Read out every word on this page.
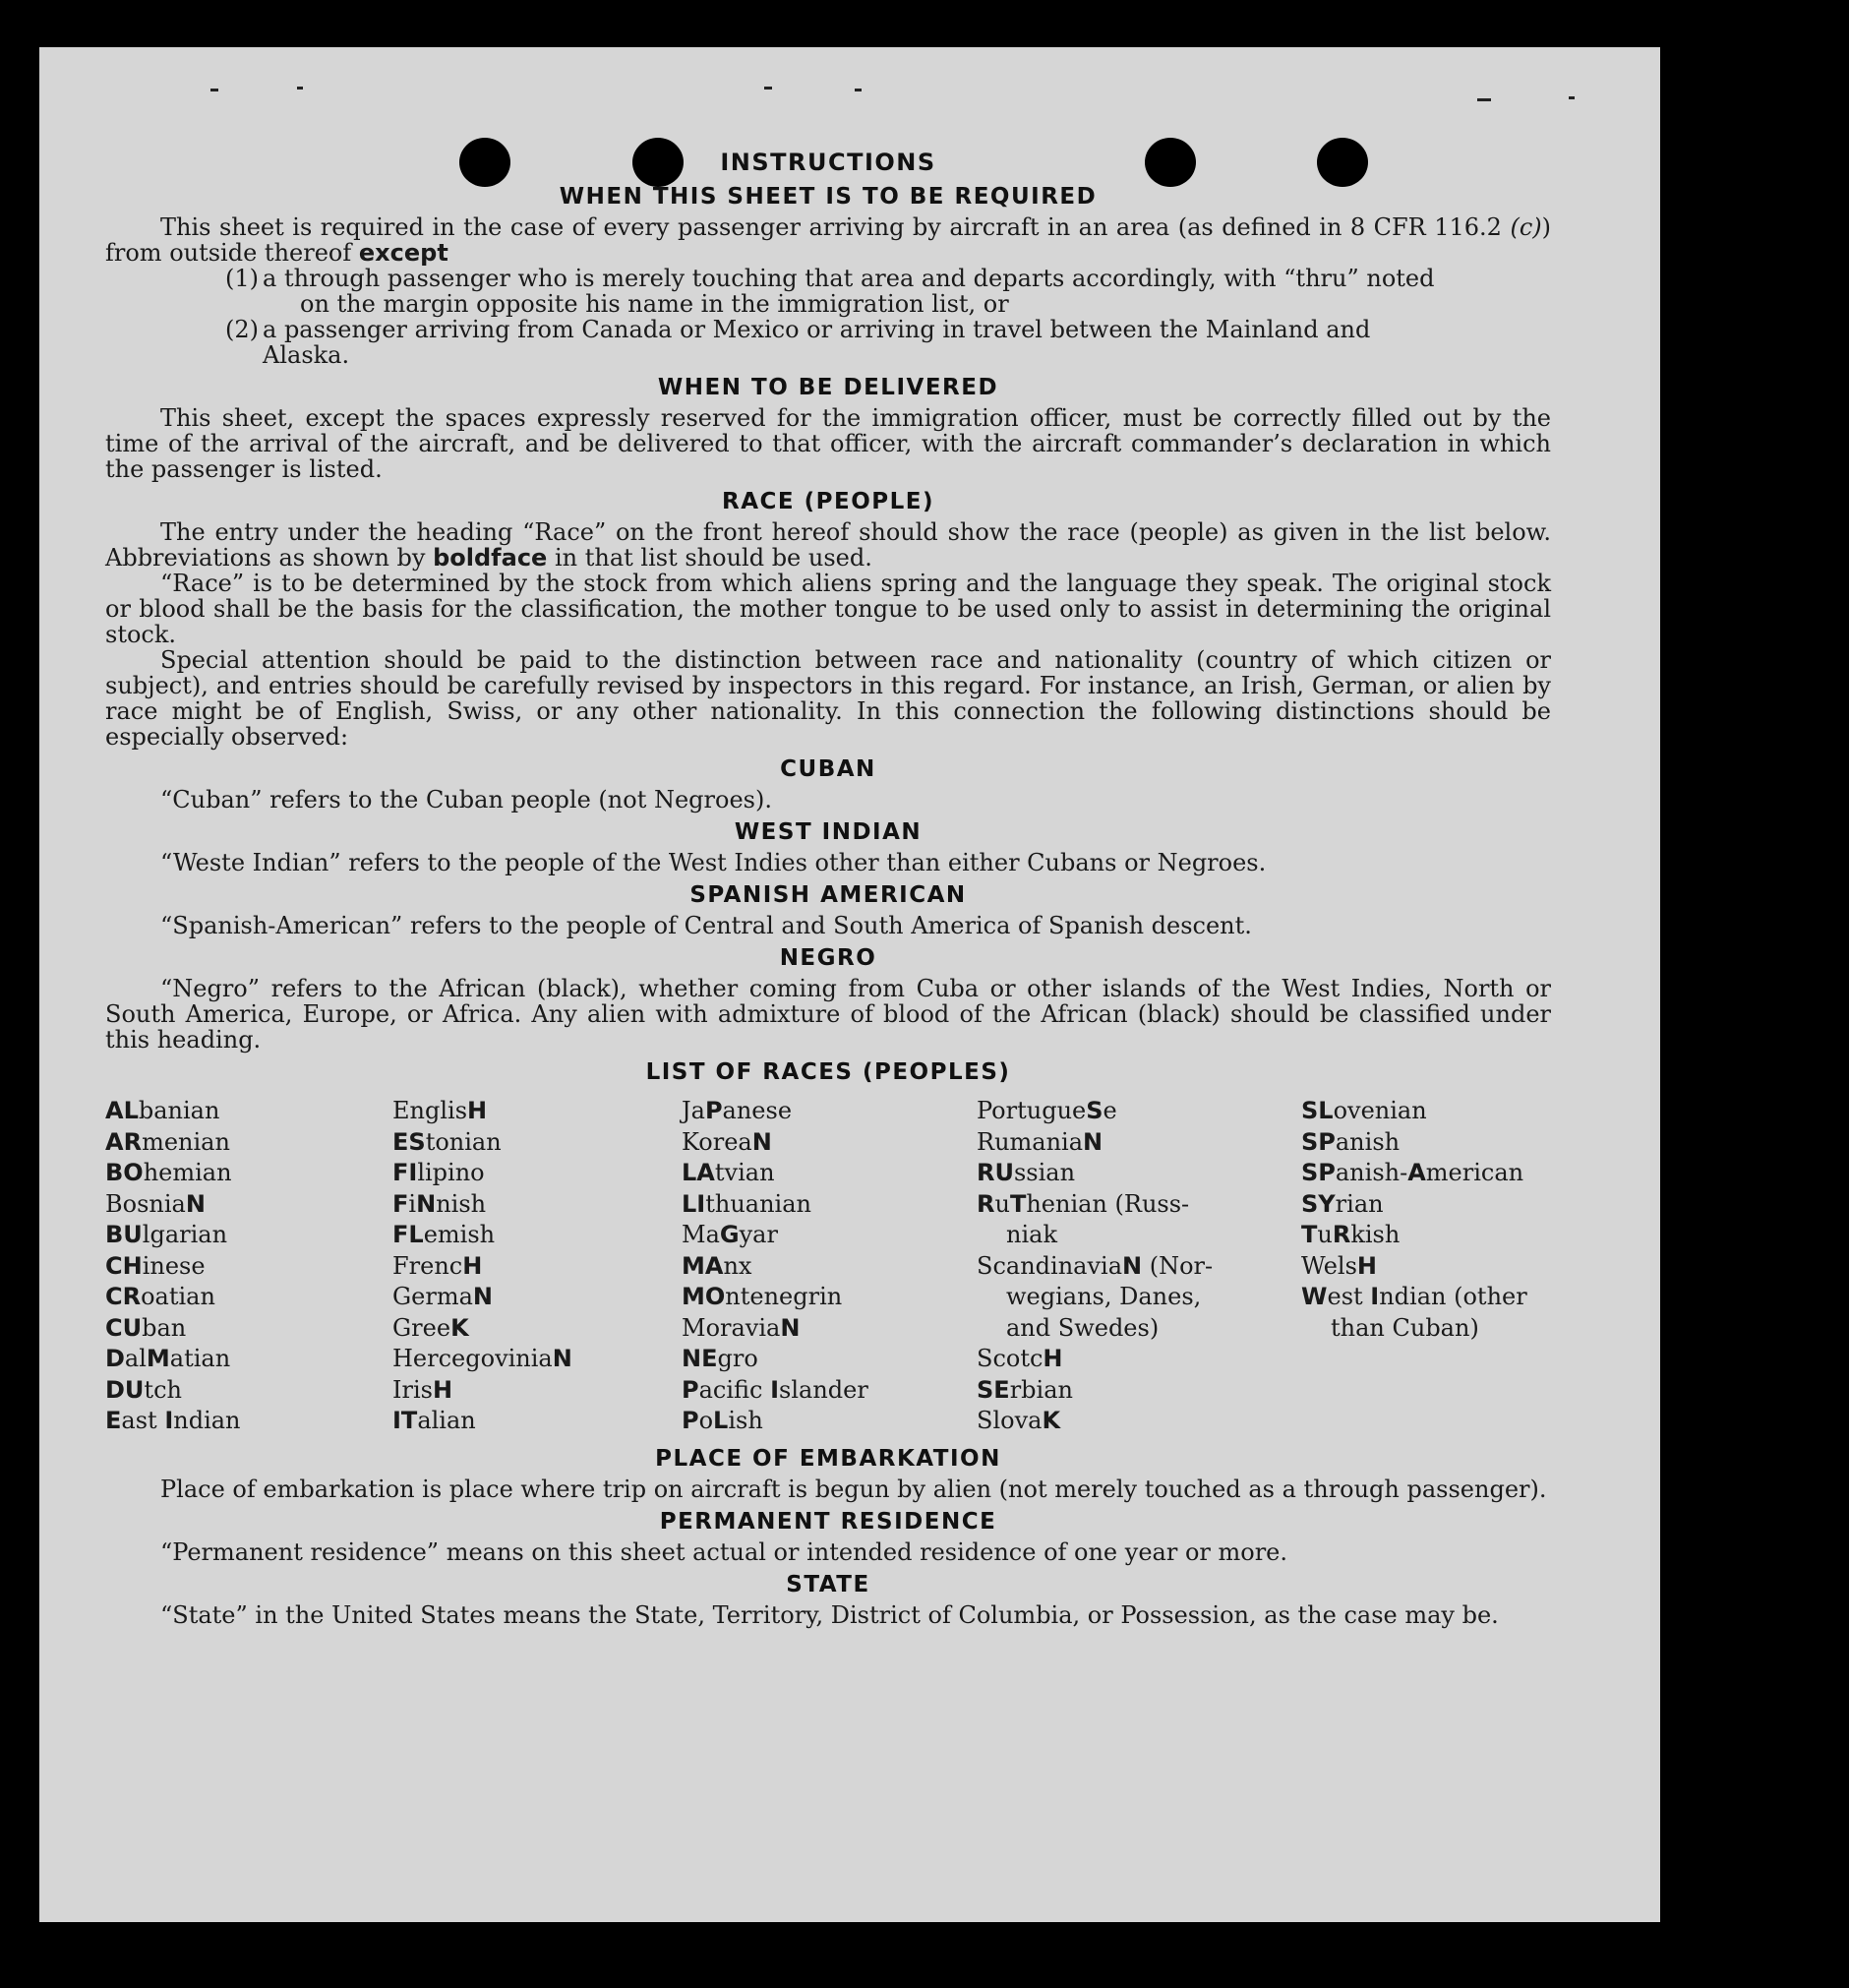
INSTRUCTIONS
WHEN THIS SHEET IS TO BE REQUIRED

This sheet is required in the case of every passenger arriving by aircraft in an area (as defined in 8 CFR 116.2 (c)) from outside thereof except

(1) a through passenger who is merely touching that area and departs accordingly, with “thru” noted
on the margin opposite his name in the immigration list, or
(2) a passenger arriving from Canada or Mexico or arriving in travel between the Mainland and
Alaska.
WHEN TO BE DELIVERED

This sheet, except the spaces expressly reserved for the immigration officer, must be correctly filled out by the time of the arrival of the aircraft, and be delivered to that officer, with the aircraft commander’s declaration in which the passenger is listed.

RACE (PEOPLE)

The entry under the heading “Race” on the front hereof should show the race (people) as given in the list below. Abbreviations as shown by boldface in that list should be used.

“Race” is to be determined by the stock from which aliens spring and the language they speak. The original stock or blood shall be the basis for the classification, the mother tongue to be used only to assist in determining the original stock.

Special attention should be paid to the distinction between race and nationality (country of which citizen or subject), and entries should be carefully revised by inspectors in this regard. For instance, an Irish, German, or alien by race might be of English, Swiss, or any other nationality. In this connection the following distinctions should be especially observed:

CUBAN

“Cuban” refers to the Cuban people (not Negroes).

WEST INDIAN

“Weste Indian” refers to the people of the West Indies other than either Cubans or Negroes.

SPANISH AMERICAN

“Spanish-American” refers to the people of Central and South America of Spanish descent.

NEGRO

“Negro” refers to the African (black), whether coming from Cuba or other islands of the West Indies, North or South America, Europe, or Africa. Any alien with admixture of blood of the African (black) should be classified under this heading.

LIST OF RACES (PEOPLES)
ALbanian
ARmenian
BOhemian
BosniaN
BUlgarian
CHinese
CRoatian
CUban
DalMatian
DUtch
East Indian
EnglisH
EStonian
FIlipino
FiNnish
FLemish
FrencH
GermaN
GreeK
HercegoviniaN
IrisH
ITalian
JaPanese
KoreaN
LAtvian
LIthuanian
MaGyar
MAnx
MOntenegrin
MoraviaN
NEgro
Pacific Islander
PoLish
PortugueSe
RumaniaN
RUssian
RuThenian (Russ-
niak
ScandinaviaN (Nor-
wegians, Danes,
and Swedes)
ScotcH
SErbian
SlovaK
SLovenian
SPanish
SPanish-American
SYrian
TuRkish
WelsH
West Indian (other
than Cuban)
PLACE OF EMBARKATION

Place of embarkation is place where trip on aircraft is begun by alien (not merely touched as a through passenger).

PERMANENT RESIDENCE

“Permanent residence” means on this sheet actual or intended residence of one year or more.

STATE

“State” in the United States means the State, Territory, District of Columbia, or Possession, as the case may be.
